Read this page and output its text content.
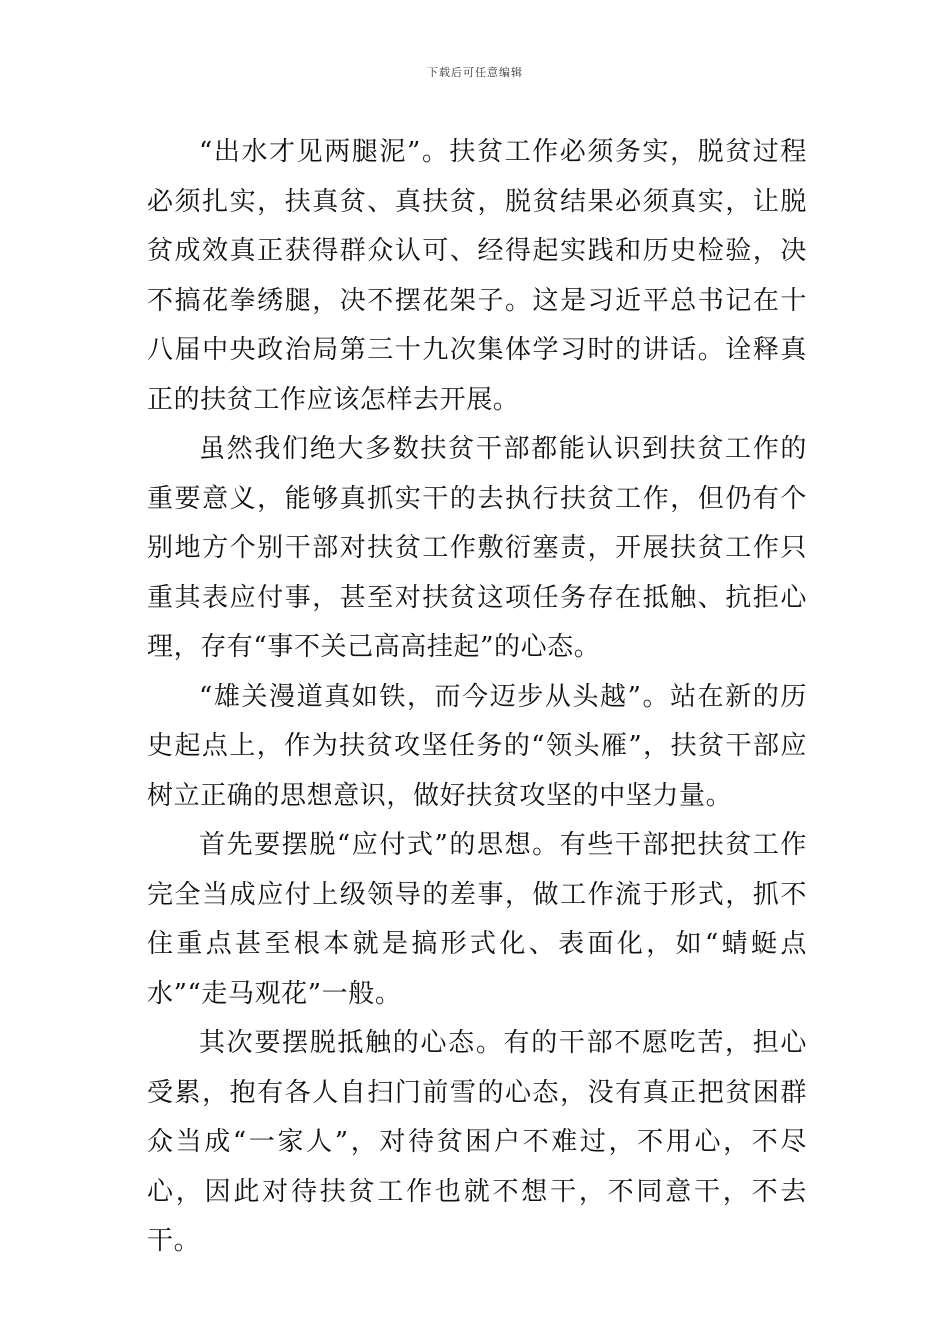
下载后可任意编辑

“出水才见两腿泥”。扶贫工作必须务实，脱贫过程必须扎实，扶真贫、真扶贫，脱贫结果必须真实，让脱贫成效真正获得群众认可、经得起实践和历史检验，决不搞花拳绣腿，决不摆花架子。这是习近平总书记在十八届中央政治局第三十九次集体学习时的讲话。诠释真正的扶贫工作应该怎样去开展。

虽然我们绝大多数扶贫干部都能认识到扶贫工作的重要意义，能够真抓实干的去执行扶贫工作，但仍有个别地方个别干部对扶贫工作敷衍塞责，开展扶贫工作只重其表应付事，甚至对扶贫这项任务存在抵触、抗拒心理，存有“事不关己高高挂起”的心态。

“雄关漫道真如铁，而今迈步从头越”。站在新的历史起点上，作为扶贫攻坚任务的“领头雁”，扶贫干部应树立正确的思想意识，做好扶贫攻坚的中坚力量。

首先要摆脱“应付式”的思想。有些干部把扶贫工作完全当成应付上级领导的差事，做工作流于形式，抓不住重点甚至根本就是搞形式化、表面化，如“蜻蜓点水”“走马观花”一般。

其次要摆脱抵触的心态。有的干部不愿吃苦，担心受累，抱有各人自扫门前雪的心态，没有真正把贫困群众当成“一家人”，对待贫困户不难过，不用心，不尽心，因此对待扶贫工作也就不想干，不同意干，不去干。
